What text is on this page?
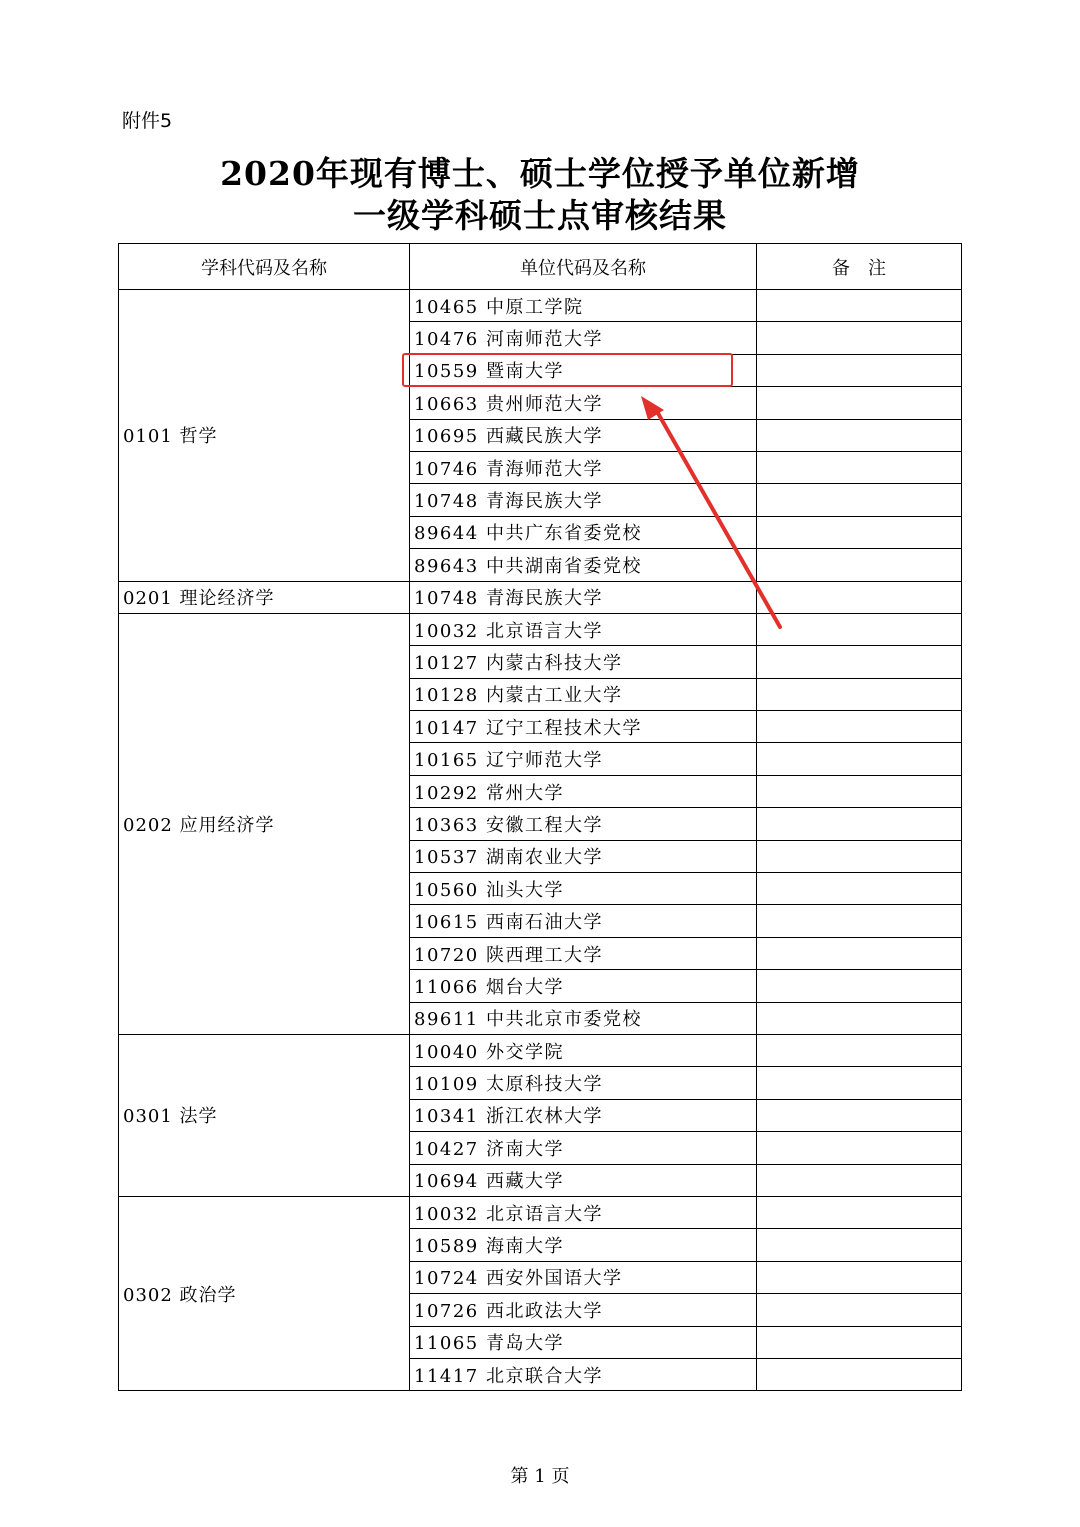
附件5
2020年现有博士、硕士学位授予单位新增
一级学科硕士点审核结果
学科代码及名称	单位代码及名称	备　注
0101 哲学	10465 中原工学院	
	10476 河南师范大学	
	10559 暨南大学	
	10663 贵州师范大学	
	10695 西藏民族大学	
	10746 青海师范大学	
	10748 青海民族大学	
	89644 中共广东省委党校	
	89643 中共湖南省委党校	
0201 理论经济学	10748 青海民族大学	
0202 应用经济学	10032 北京语言大学	
	10127 内蒙古科技大学	
	10128 内蒙古工业大学	
	10147 辽宁工程技术大学	
	10165 辽宁师范大学	
	10292 常州大学	
	10363 安徽工程大学	
	10537 湖南农业大学	
	10560 汕头大学	
	10615 西南石油大学	
	10720 陕西理工大学	
	11066 烟台大学	
	89611 中共北京市委党校	
0301 法学	10040 外交学院	
	10109 太原科技大学	
	10341 浙江农林大学	
	10427 济南大学	
	10694 西藏大学	
0302 政治学	10032 北京语言大学	
	10589 海南大学	
	10724 西安外国语大学	
	10726 西北政法大学	
	11065 青岛大学	
	11417 北京联合大学	
第 1 页
